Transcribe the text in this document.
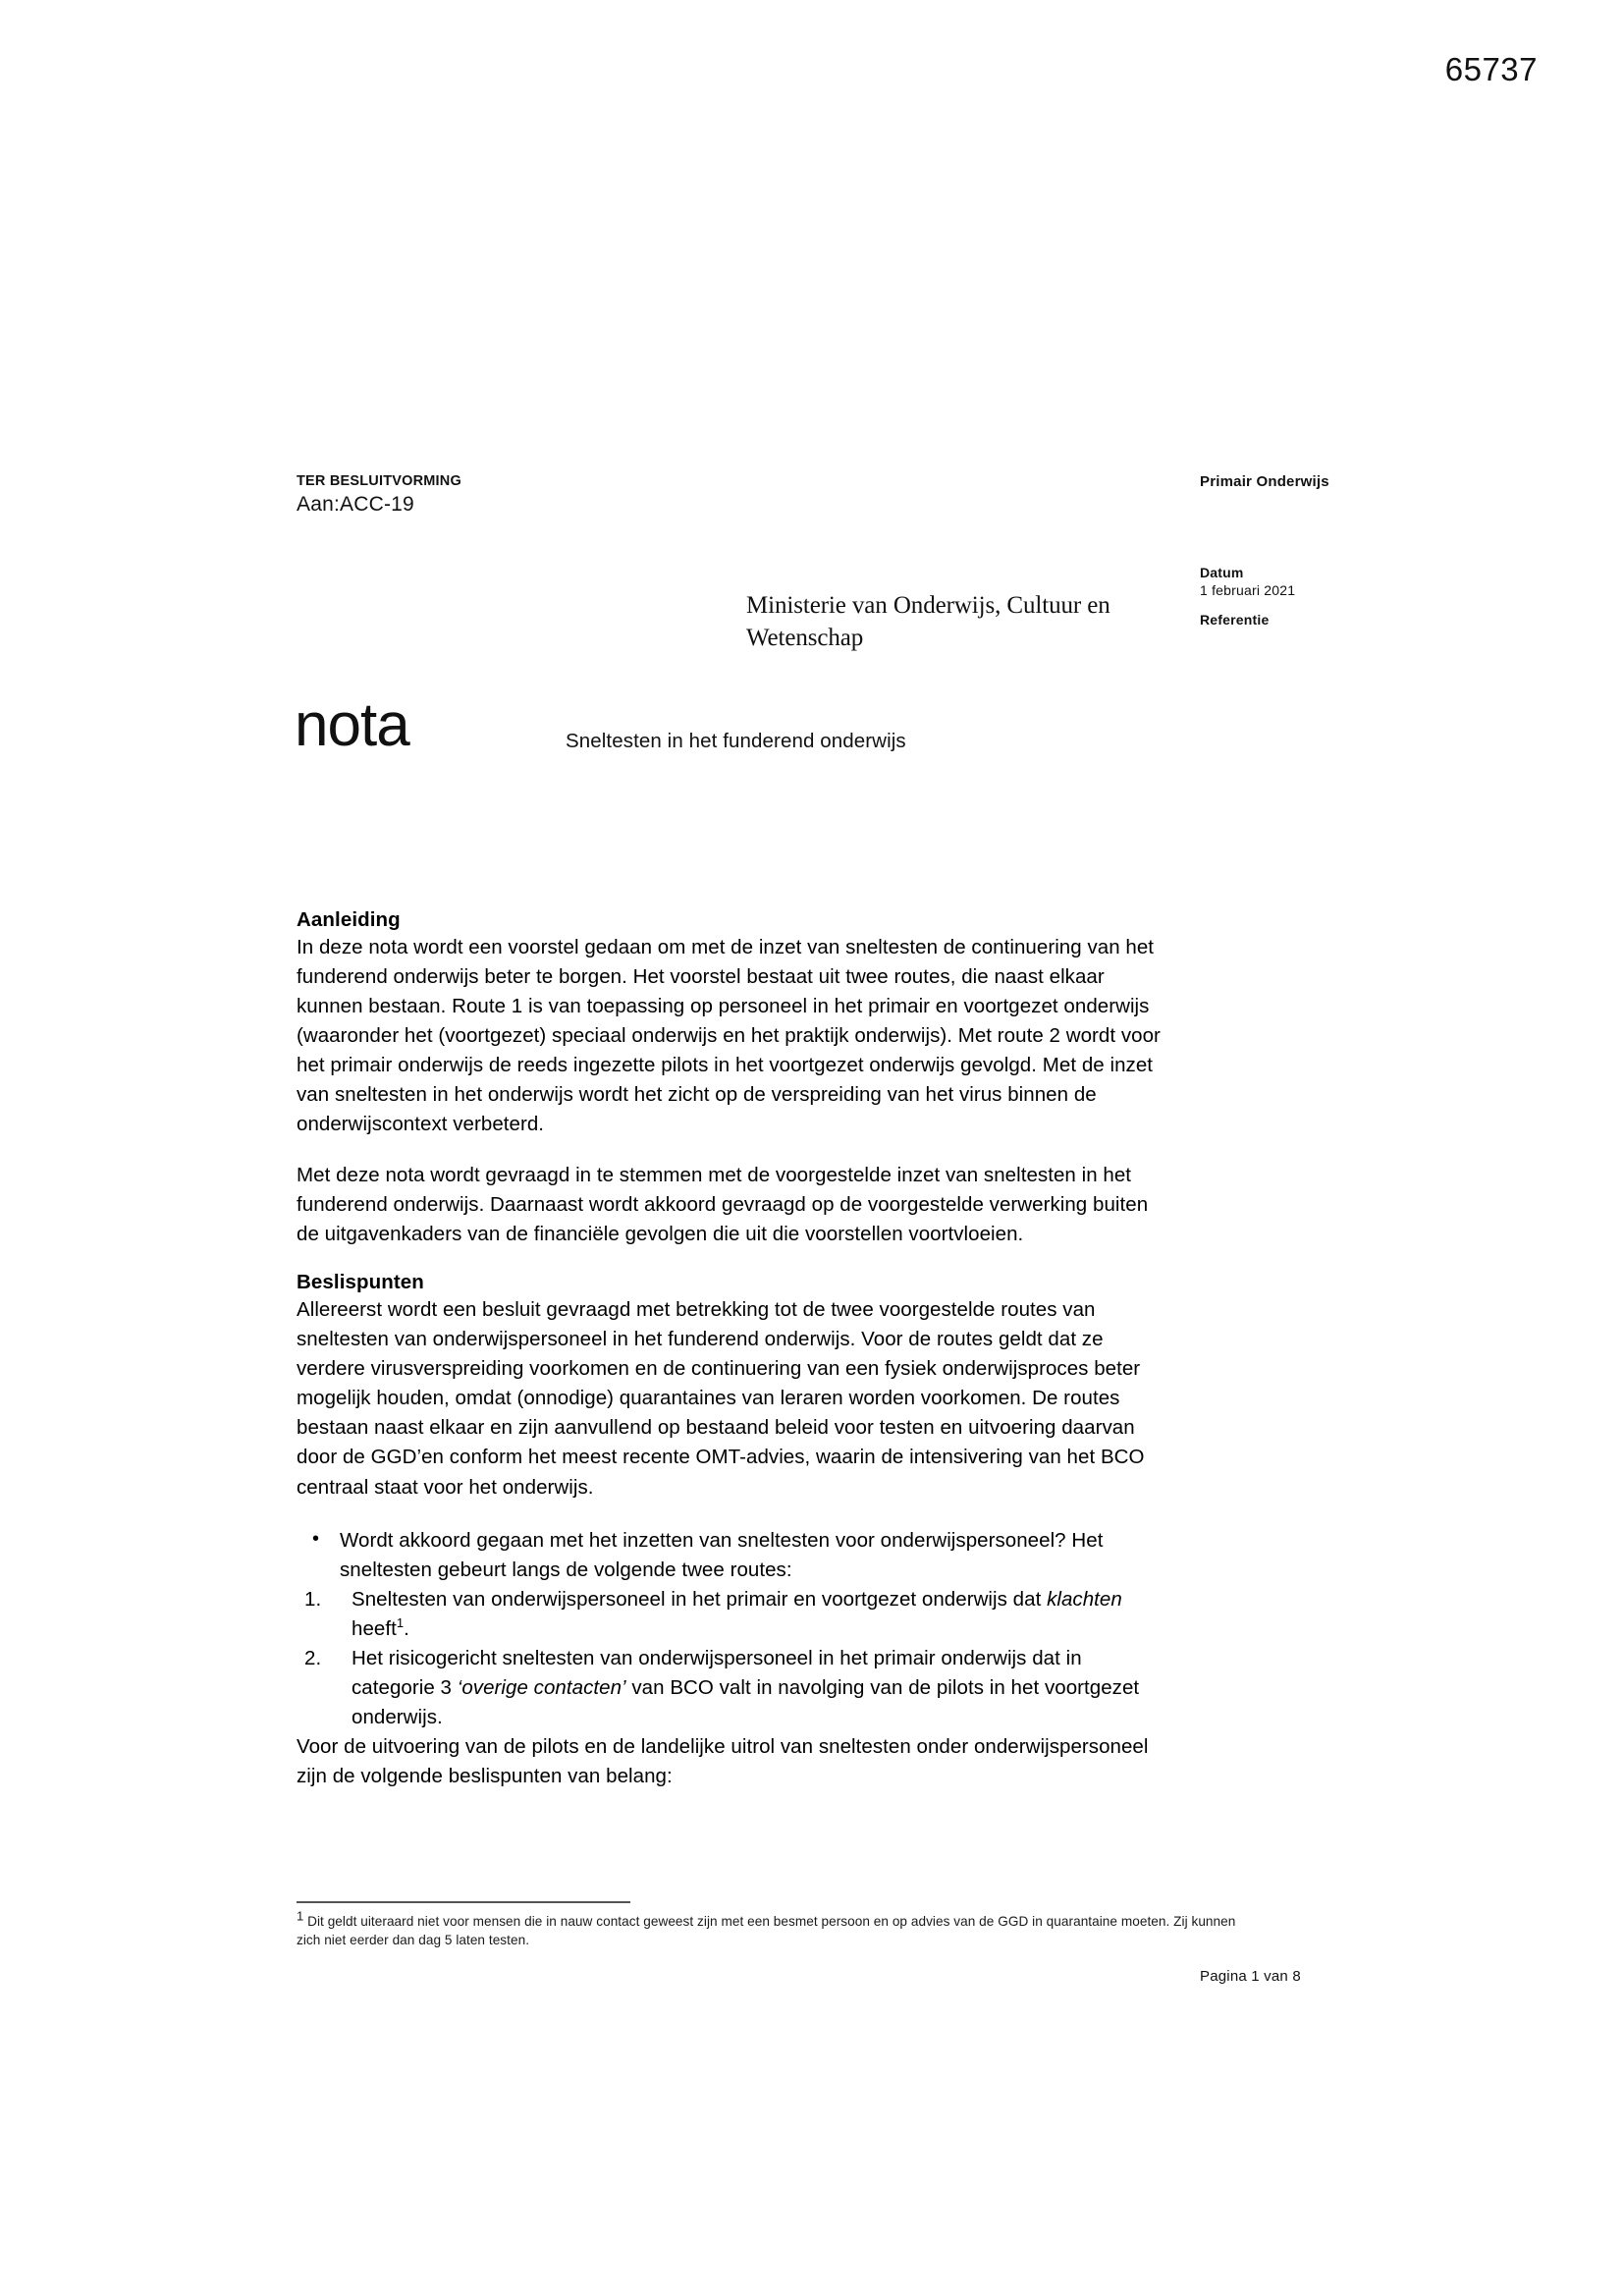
65737

TER BESLUITVORMING

Aan:ACC-19

Primair Onderwijs

Datum

1 februari 2021

Referentie

Ministerie van Onderwijs, Cultuur en Wetenschap
nota	Sneltesten in het funderend onderwijs
Aanleiding

In deze nota wordt een voorstel gedaan om met de inzet van sneltesten de continuering van het funderend onderwijs beter te borgen. Het voorstel bestaat uit twee routes, die naast elkaar kunnen bestaan. Route 1 is van toepassing op personeel in het primair en voortgezet onderwijs (waaronder het (voortgezet) speciaal onderwijs en het praktijk onderwijs). Met route 2 wordt voor het primair onderwijs de reeds ingezette pilots in het voortgezet onderwijs gevolgd. Met de inzet van sneltesten in het onderwijs wordt het zicht op de verspreiding van het virus binnen de onderwijscontext verbeterd.

Met deze nota wordt gevraagd in te stemmen met de voorgestelde inzet van sneltesten in het funderend onderwijs. Daarnaast wordt akkoord gevraagd op de voorgestelde verwerking buiten de uitgavenkaders van de financiële gevolgen die uit die voorstellen voortvloeien.

Beslispunten

Allereerst wordt een besluit gevraagd met betrekking tot de twee voorgestelde routes van sneltesten van onderwijspersoneel in het funderend onderwijs. Voor de routes geldt dat ze verdere virusverspreiding voorkomen en de continuering van een fysiek onderwijsproces beter mogelijk houden, omdat (onnodige) quarantaines van leraren worden voorkomen. De routes bestaan naast elkaar en zijn aanvullend op bestaand beleid voor testen en uitvoering daarvan door de GGD’en conform het meest recente OMT-advies, waarin de intensivering van het BCO centraal staat voor het onderwijs.

• Wordt akkoord gegaan met het inzetten van sneltesten voor onderwijspersoneel? Het sneltesten gebeurt langs de volgende twee routes:
1. Sneltesten van onderwijspersoneel in het primair en voortgezet onderwijs dat klachten heeft$^1$.
2. Het risicogericht sneltesten van onderwijspersoneel in het primair onderwijs dat in categorie 3 ‘overige contacten’ van BCO valt in navolging van de pilots in het voortgezet onderwijs.

Voor de uitvoering van de pilots en de landelijke uitrol van sneltesten onder onderwijspersoneel zijn de volgende beslispunten van belang:

$^1$ Dit geldt uiteraard niet voor mensen die in nauw contact geweest zijn met een besmet persoon en op advies van de GGD in quarantaine moeten. Zij kunnen zich niet eerder dan dag 5 laten testen.

Pagina 1 van 8
